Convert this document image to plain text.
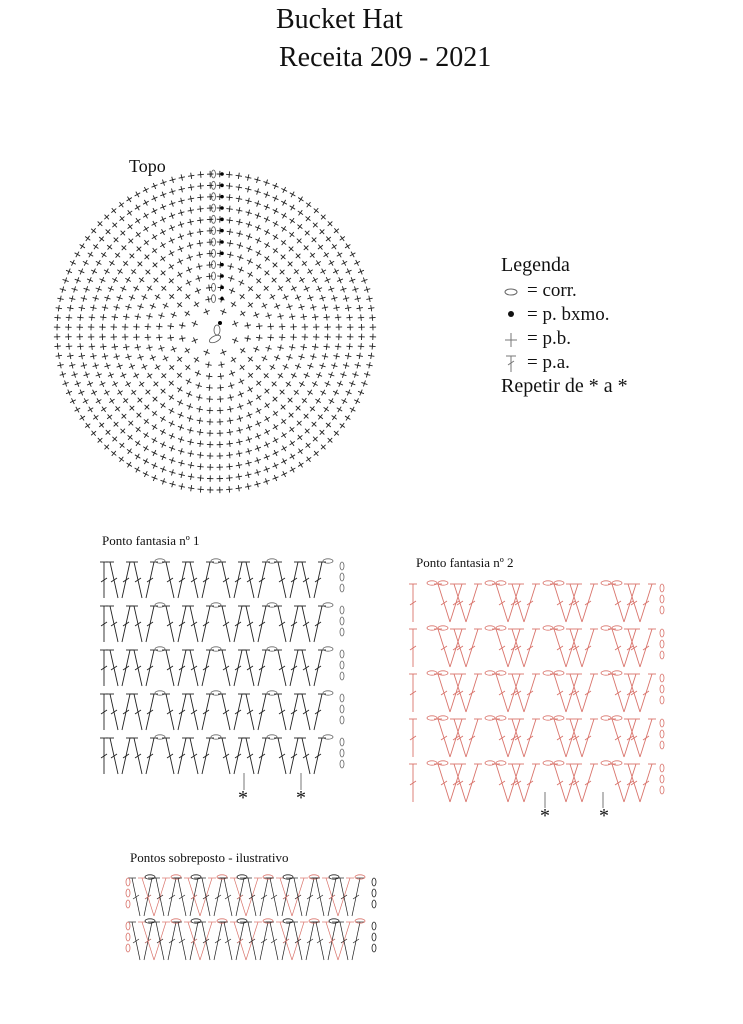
Bucket Hat
Receita 209 - 2021
Topo
Legenda
= corr.
= p. bxmo.
= p.b.
= p.a.
Repetir de * a *
Ponto fantasia nº 1
Ponto fantasia nº 2
Pontos sobreposto - ilustrativo
* *
* *
